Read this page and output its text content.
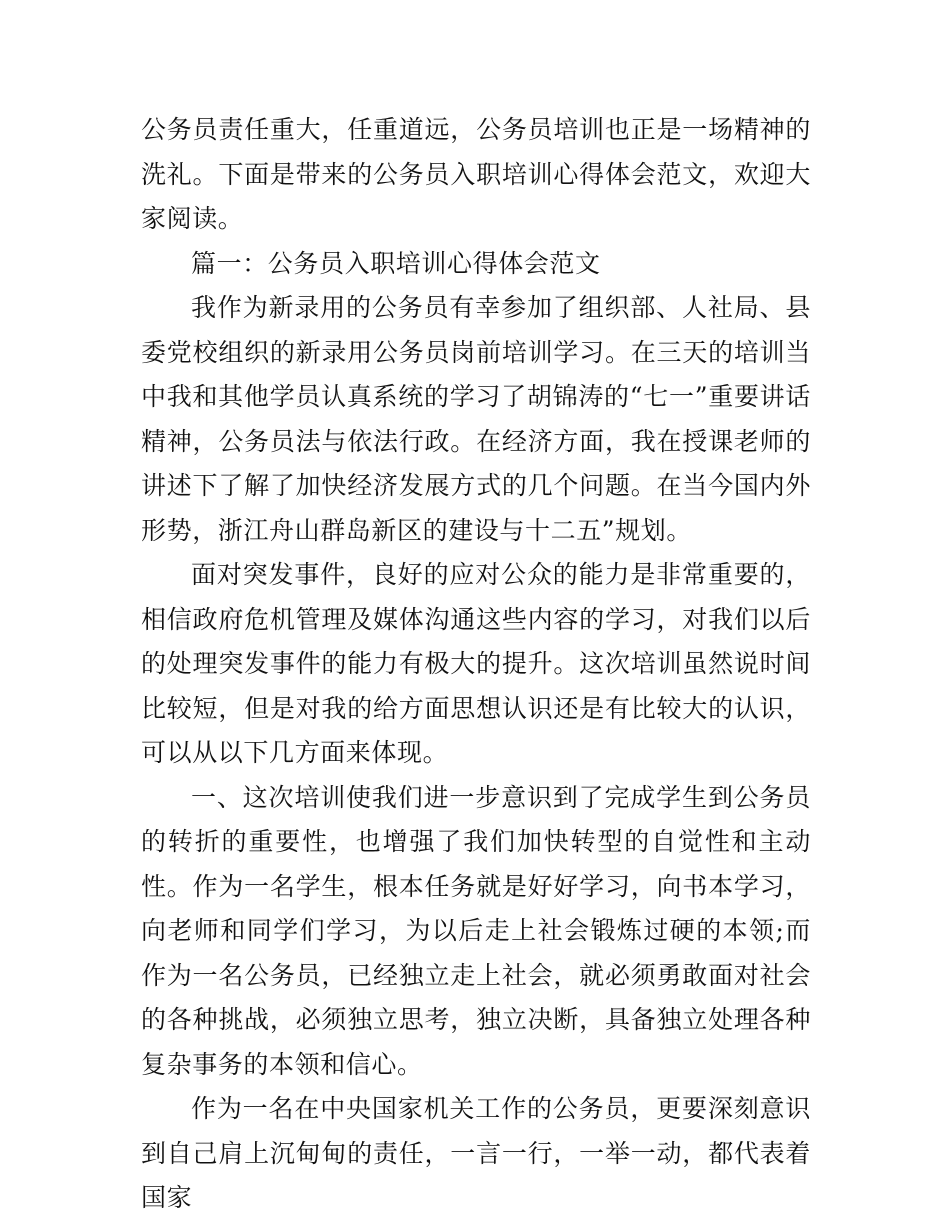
公务员责任重大，任重道远，公务员培训也正是一场精神的洗礼。下面是带来的公务员入职培训心得体会范文，欢迎大家阅读。

篇一：公务员入职培训心得体会范文

我作为新录用的公务员有幸参加了组织部、人社局、县委党校组织的新录用公务员岗前培训学习。在三天的培训当中我和其他学员认真系统的学习了胡锦涛的“七一”重要讲话精神，公务员法与依法行政。在经济方面，我在授课老师的讲述下了解了加快经济发展方式的几个问题。在当今国内外形势，浙江舟山群岛新区的建设与十二五”规划。

面对突发事件，良好的应对公众的能力是非常重要的，相信政府危机管理及媒体沟通这些内容的学习，对我们以后的处理突发事件的能力有极大的提升。这次培训虽然说时间比较短，但是对我的给方面思想认识还是有比较大的认识，可以从以下几方面来体现。

一、这次培训使我们进一步意识到了完成学生到公务员的转折的重要性，也增强了我们加快转型的自觉性和主动性。作为一名学生，根本任务就是好好学习，向书本学习，向老师和同学们学习，为以后走上社会锻炼过硬的本领;而作为一名公务员，已经独立走上社会，就必须勇敢面对社会的各种挑战，必须独立思考，独立决断，具备独立处理各种复杂事务的本领和信心。

作为一名在中央国家机关工作的公务员，更要深刻意识到自己肩上沉甸甸的责任，一言一行，一举一动，都代表着国家
